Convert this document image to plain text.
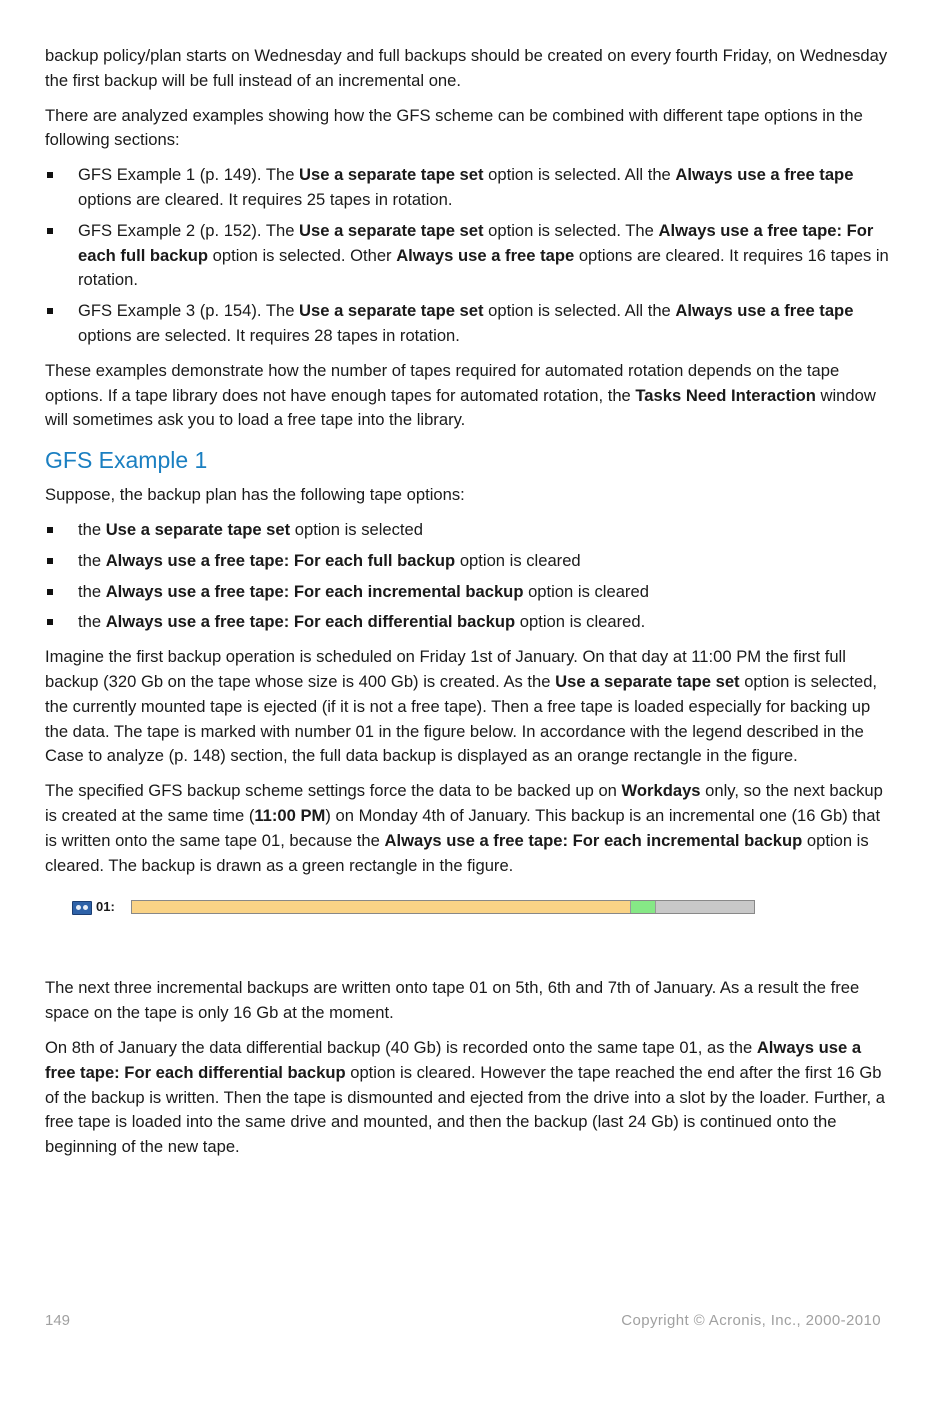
backup policy/plan starts on Wednesday and full backups should be created on every fourth Friday, on Wednesday the first backup will be full instead of an incremental one.

There are analyzed examples showing how the GFS scheme can be combined with different tape options in the following sections:

GFS Example 1 (p. 149). The Use a separate tape set option is selected. All the Always use a free tape options are cleared. It requires 25 tapes in rotation.
GFS Example 2 (p. 152). The Use a separate tape set option is selected. The Always use a free tape: For each full backup option is selected. Other Always use a free tape options are cleared. It requires 16 tapes in rotation.
GFS Example 3 (p. 154). The Use a separate tape set option is selected. All the Always use a free tape options are selected. It requires 28 tapes in rotation.

These examples demonstrate how the number of tapes required for automated rotation depends on the tape options. If a tape library does not have enough tapes for automated rotation, the Tasks Need Interaction window will sometimes ask you to load a free tape into the library.

GFS Example 1

Suppose, the backup plan has the following tape options:

the Use a separate tape set option is selected
the Always use a free tape: For each full backup option is cleared
the Always use a free tape: For each incremental backup option is cleared
the Always use a free tape: For each differential backup option is cleared.

Imagine the first backup operation is scheduled on Friday 1st of January. On that day at 11:00 PM the first full backup (320 Gb on the tape whose size is 400 Gb) is created. As the Use a separate tape set option is selected, the currently mounted tape is ejected (if it is not a free tape). Then a free tape is loaded especially for backing up the data. The tape is marked with number 01 in the figure below. In accordance with the legend described in the Case to analyze (p. 148) section, the full data backup is displayed as an orange rectangle in the figure.

The specified GFS backup scheme settings force the data to be backed up on Workdays only, so the next backup is created at the same time (11:00 PM) on Monday 4th of January. This backup is an incremental one (16 Gb) that is written onto the same tape 01, because the Always use a free tape: For each incremental backup option is cleared. The backup is drawn as a green rectangle in the figure.

01:

The next three incremental backups are written onto tape 01 on 5th, 6th and 7th of January. As a result the free space on the tape is only 16 Gb at the moment.

On 8th of January the data differential backup (40 Gb) is recorded onto the same tape 01, as the Always use a free tape: For each differential backup option is cleared. However the tape reached the end after the first 16 Gb of the backup is written. Then the tape is dismounted and ejected from the drive into a slot by the loader. Further, a free tape is loaded into the same drive and mounted, and then the backup (last 24 Gb) is continued onto the beginning of the new tape.

149	Copyright © Acronis, Inc., 2000-2010
